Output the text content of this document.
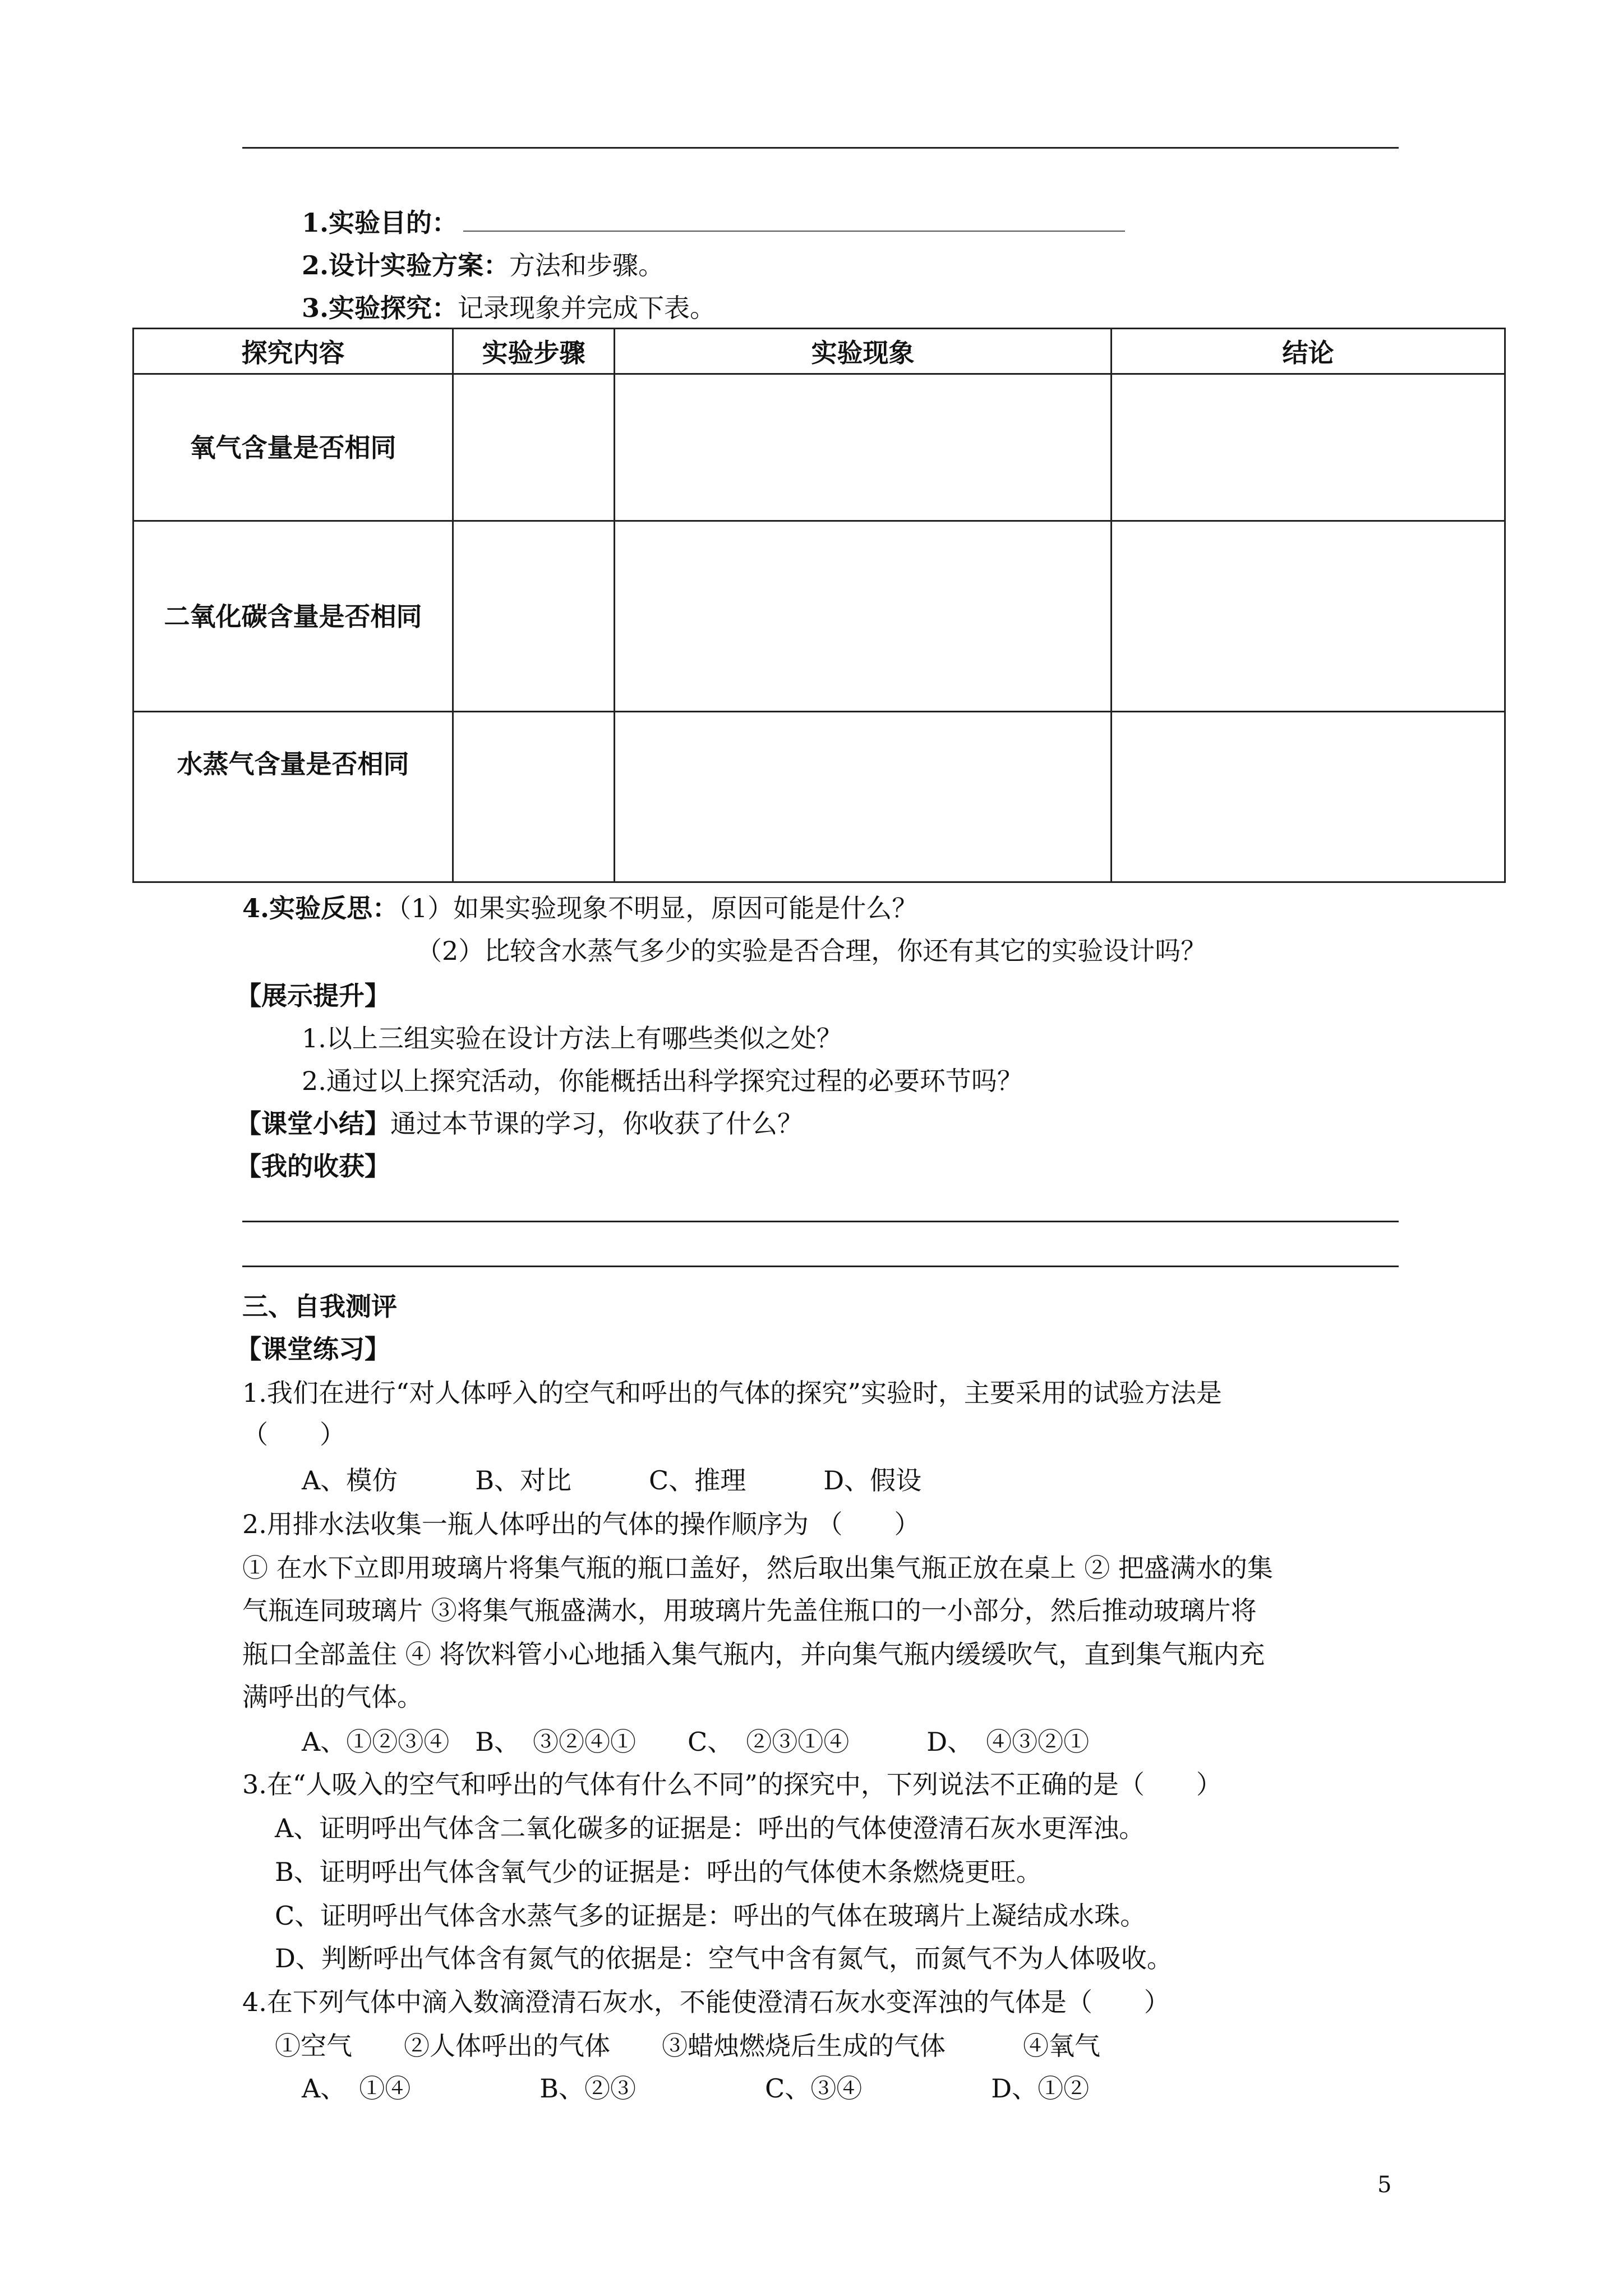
1.实验目的：
2.设计实验方案：方法和步骤。
3.实验探究：记录现象并完成下表。
探究内容	实验步骤	实验现象	结论
氧气含量是否相同			
二氧化碳含量是否相同			
水蒸气含量是否相同			
4.实验反思：（1）如果实验现象不明显，原因可能是什么？
（2）比较含水蒸气多少的实验是否合理，你还有其它的实验设计吗？
【展示提升】
1.以上三组实验在设计方法上有哪些类似之处？
2.通过以上探究活动，你能概括出科学探究过程的必要环节吗？
【课堂小结】通过本节课的学习，你收获了什么？
【我的收获】
三、自我测评
【课堂练习】
1.我们在进行“对人体呼入的空气和呼出的气体的探究”实验时，主要采用的试验方法是
（　　）
A、模仿　　　B、对比　　　C、推理　　　D、假设
2.用排水法收集一瓶人体呼出的气体的操作顺序为 （　　）
① 在水下立即用玻璃片将集气瓶的瓶口盖好，然后取出集气瓶正放在桌上 ② 把盛满水的集
气瓶连同玻璃片 ③将集气瓶盛满水，用玻璃片先盖住瓶口的一小部分，然后推动玻璃片将
瓶口全部盖住 ④ 将饮料管小心地插入集气瓶内，并向集气瓶内缓缓吹气，直到集气瓶内充
满呼出的气体。
A、①②③④　B、　③②④①　　C、　②③①④　　　D、　④③②①
3.在“人吸入的空气和呼出的气体有什么不同”的探究中，下列说法不正确的是（　　）
A、证明呼出气体含二氧化碳多的证据是：呼出的气体使澄清石灰水更浑浊。
B、证明呼出气体含氧气少的证据是：呼出的气体使木条燃烧更旺。
C、证明呼出气体含水蒸气多的证据是：呼出的气体在玻璃片上凝结成水珠。
D、判断呼出气体含有氮气的依据是：空气中含有氮气，而氮气不为人体吸收。
4.在下列气体中滴入数滴澄清石灰水，不能使澄清石灰水变浑浊的气体是（　　）
①空气　　②人体呼出的气体　　③蜡烛燃烧后生成的气体　　　④氧气
A、　①④　　　　　B、②③　　　　　C、③④　　　　　D、①②
5
